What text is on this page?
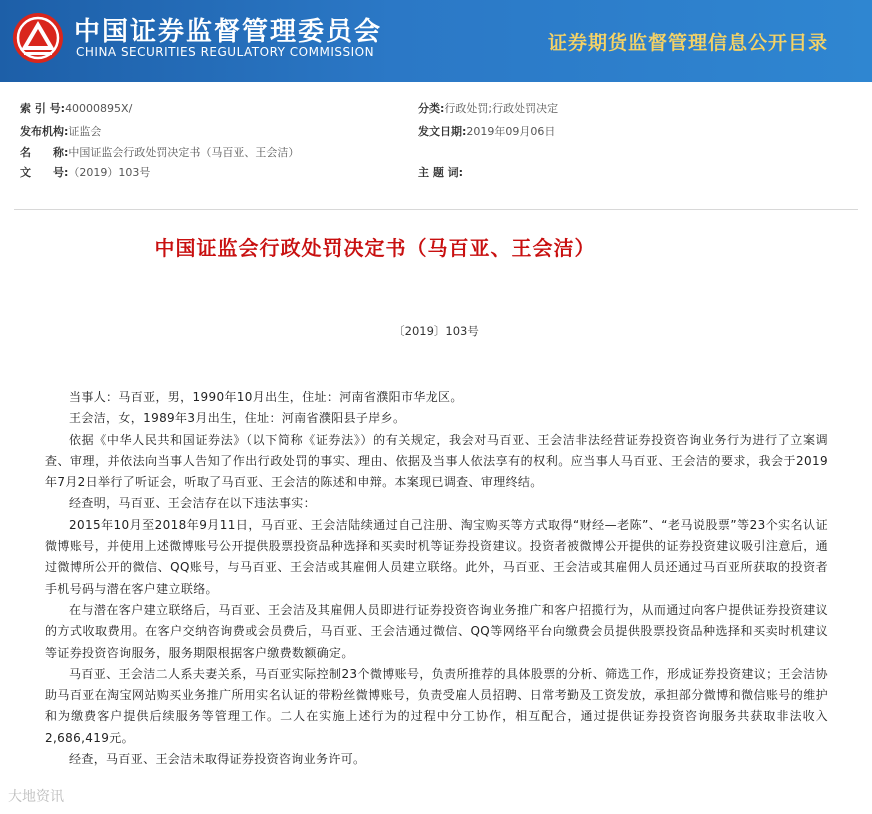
中国证券监督管理委员会
CHINA SECURITIES REGULATORY COMMISSION	证券期货监督管理信息公开目录
索 引 号:40000895X/	分类:行政处罚;行政处罚决定
发布机构:证监会	发文日期:2019年09月06日
名　　称:中国证监会行政处罚决定书（马百亚、王会洁）
文　　号:（2019）103号	主 题 词:
中国证监会行政处罚决定书（马百亚、王会洁）
〔2019〕103号

当事人：马百亚，男，1990年10月出生，住址：河南省濮阳市华龙区。

王会洁，女，1989年3月出生，住址：河南省濮阳县子岸乡。

依据《中华人民共和国证券法》（以下简称《证券法》）的有关规定，我会对马百亚、王会洁非法经营证券投资咨询业务行为进行了立案调查、审理，并依法向当事人告知了作出行政处罚的事实、理由、依据及当事人依法享有的权利。应当事人马百亚、王会洁的要求，我会于2019年7月2日举行了听证会，听取了马百亚、王会洁的陈述和申辩。本案现已调查、审理终结。

经查明，马百亚、王会洁存在以下违法事实：

2015年10月至2018年9月11日，马百亚、王会洁陆续通过自己注册、淘宝购买等方式取得“财经—老陈”、“老马说股票”等23个实名认证微博账号，并使用上述微博账号公开提供股票投资品种选择和买卖时机等证券投资建议。投资者被微博公开提供的证券投资建议吸引注意后，通过微博所公开的微信、QQ账号，与马百亚、王会洁或其雇佣人员建立联络。此外，马百亚、王会洁或其雇佣人员还通过马百亚所获取的投资者手机号码与潜在客户建立联络。

在与潜在客户建立联络后，马百亚、王会洁及其雇佣人员即进行证券投资咨询业务推广和客户招揽行为，从而通过向客户提供证券投资建议的方式收取费用。在客户交纳咨询费或会员费后，马百亚、王会洁通过微信、QQ等网络平台向缴费会员提供股票投资品种选择和买卖时机建议等证券投资咨询服务，服务期限根据客户缴费数额确定。

马百亚、王会洁二人系夫妻关系，马百亚实际控制23个微博账号，负责所推荐的具体股票的分析、筛选工作，形成证券投资建议；王会洁协助马百亚在淘宝网站购买业务推广所用实名认证的带粉丝微博账号，负责受雇人员招聘、日常考勤及工资发放，承担部分微博和微信账号的维护和为缴费客户提供后续服务等管理工作。二人在实施上述行为的过程中分工协作，相互配合，通过提供证券投资咨询服务共获取非法收入2,686,419元。

经查，马百亚、王会洁未取得证券投资咨询业务许可。

大地资讯
